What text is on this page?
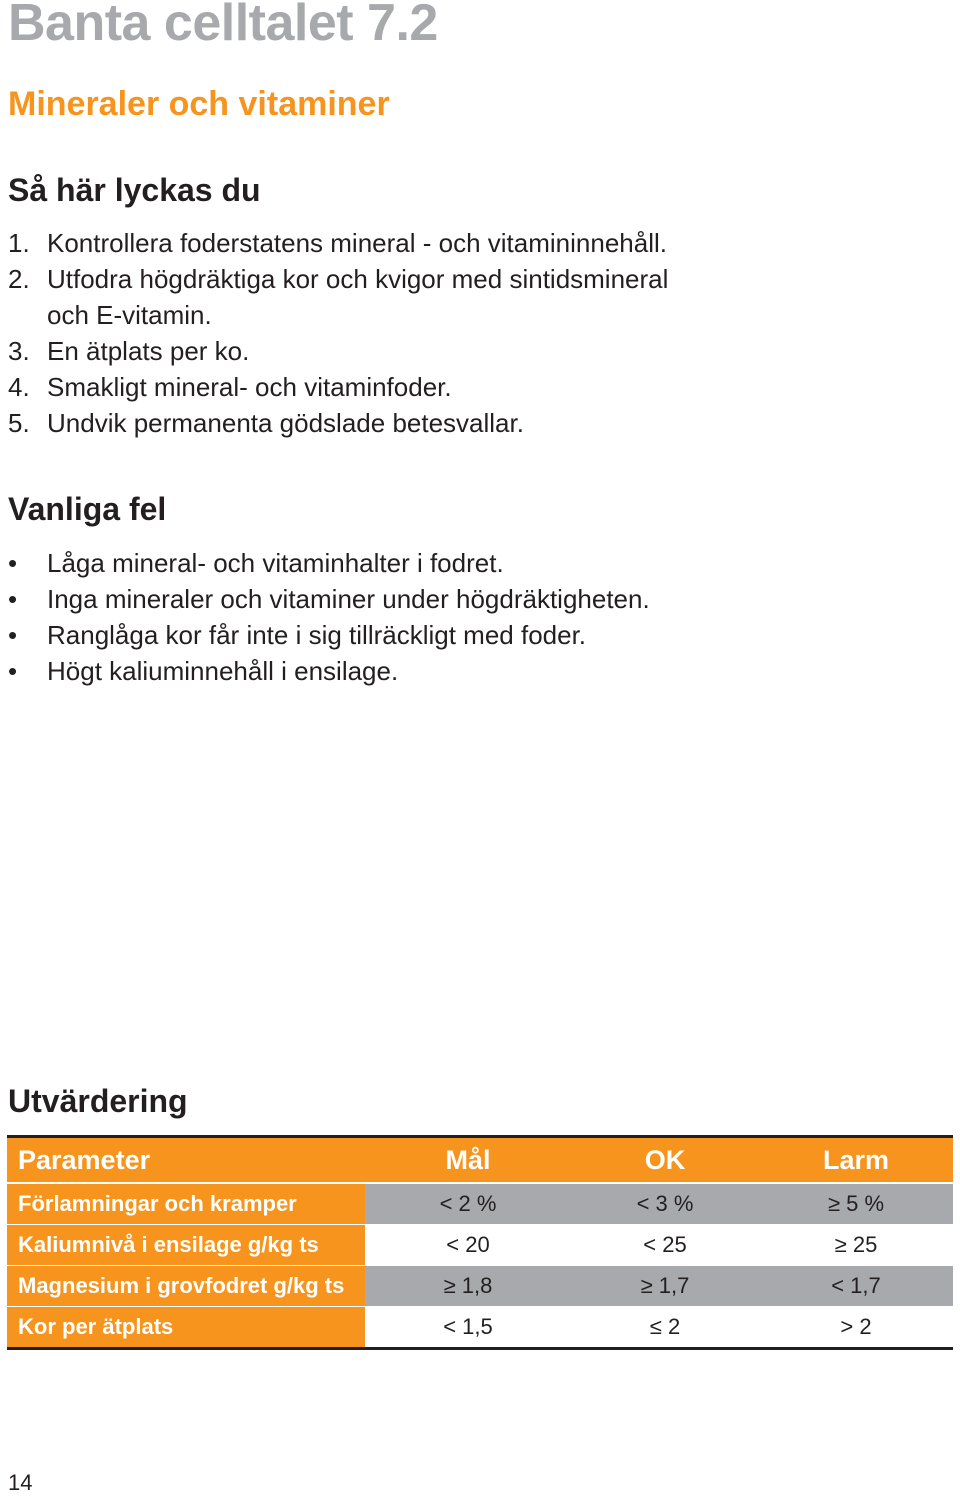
Banta celltalet 7.2
Mineraler och vitaminer
Så här lyckas du
1. Kontrollera foderstatens mineral - och vitamininnehåll.
2. Utfodra högdräktiga kor och kvigor med sintidsmineral
och E-vitamin.
3. En ätplats per ko.
4. Smakligt mineral- och vitaminfoder.
5. Undvik permanenta gödslade betesvallar.
Vanliga fel
• Låga mineral- och vitaminhalter i fodret.
• Inga mineraler och vitaminer under högdräktigheten.
• Ranglåga kor får inte i sig tillräckligt med foder.
• Högt kaliuminnehåll i ensilage.
Utvärdering
Parameter	Mål	OK	Larm
Förlamningar och kramper	< 2 %	< 3 %	≥ 5 %
Kaliumnivå i ensilage g/kg ts	< 20	< 25	≥ 25
Magnesium i grovfodret g/kg ts	≥ 1,8	≥ 1,7	< 1,7
Kor per ätplats	< 1,5	≤ 2	> 2

14
